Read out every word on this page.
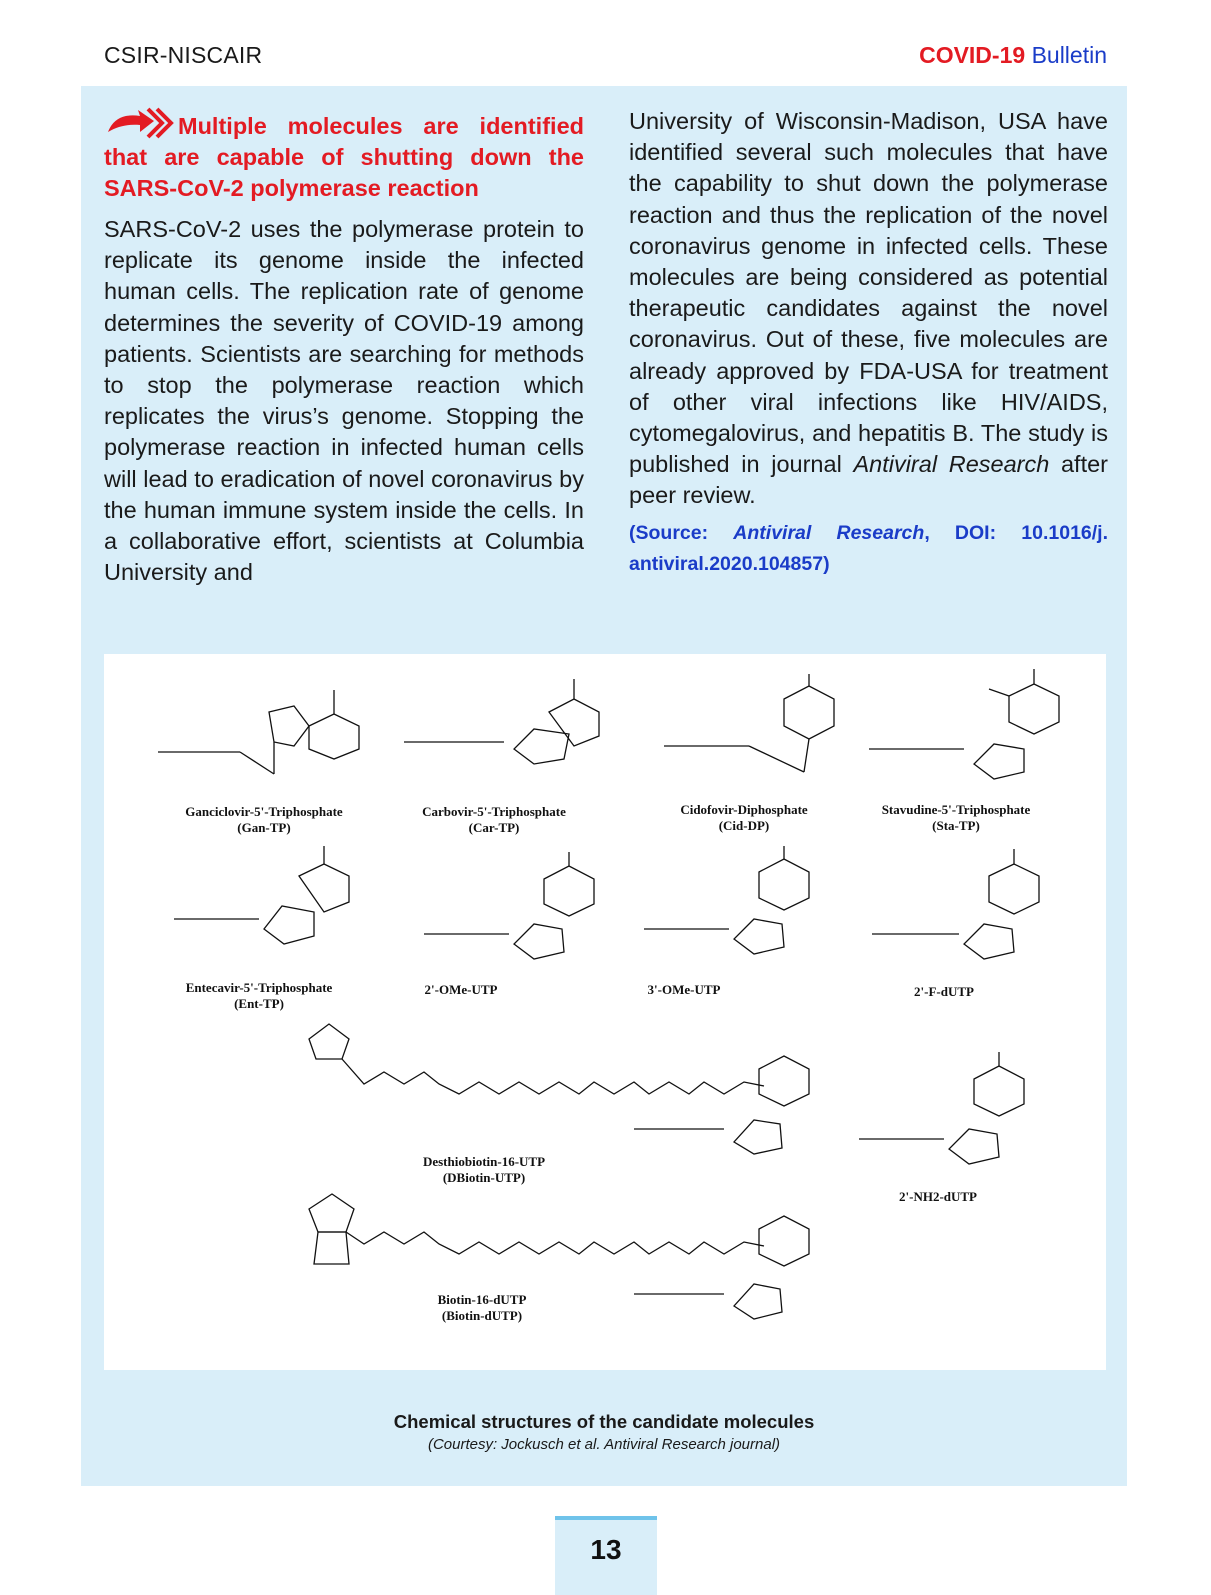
CSIR-NISCAIR	COVID-19 Bulletin

Multiple molecules are identified that are capable of shutting down the SARS-CoV-2 polymerase reaction

SARS-CoV-2 uses the polymerase protein to replicate its genome inside the infected human cells. The replication rate of genome determines the severity of COVID-19 among patients. Scientists are searching for methods to stop the polymerase reaction which replicates the virus’s genome. Stopping the polymerase reaction in infected human cells will lead to eradication of novel coronavirus by the human immune system inside the cells. In a collaborative effort, scientists at Columbia University and

University of Wisconsin-Madison, USA have identified several such molecules that have the capability to shut down the polymerase reaction and thus the replication of the novel coronavirus genome in infected cells. These molecules are being considered as potential therapeutic candidates against the novel coronavirus. Out of these, five molecules are already approved by FDA-USA for treatment of other viral infections like HIV/AIDS, cytomegalovirus, and hepatitis B. The study is published in journal Antiviral Research after peer review.

(Source: Antiviral Research, DOI: 10.1016/j. antiviral.2020.104857)
Ganciclovir-5'-Triphosphate
(Gan-TP)
Carbovir-5'-Triphosphate
(Car-TP)
Cidofovir-Diphosphate
(Cid-DP)
Stavudine-5'-Triphosphate
(Sta-TP)
Entecavir-5'-Triphosphate
(Ent-TP)
2'-OMe-UTP	3'-OMe-UTP	2'-F-dUTP
Desthiobiotin-16-UTP
(DBiotin-UTP)
2'-NH2-dUTP
Biotin-16-dUTP
(Biotin-dUTP)
Chemical structures of the candidate molecules
(Courtesy: Jockusch et al. Antiviral Research journal)
13
